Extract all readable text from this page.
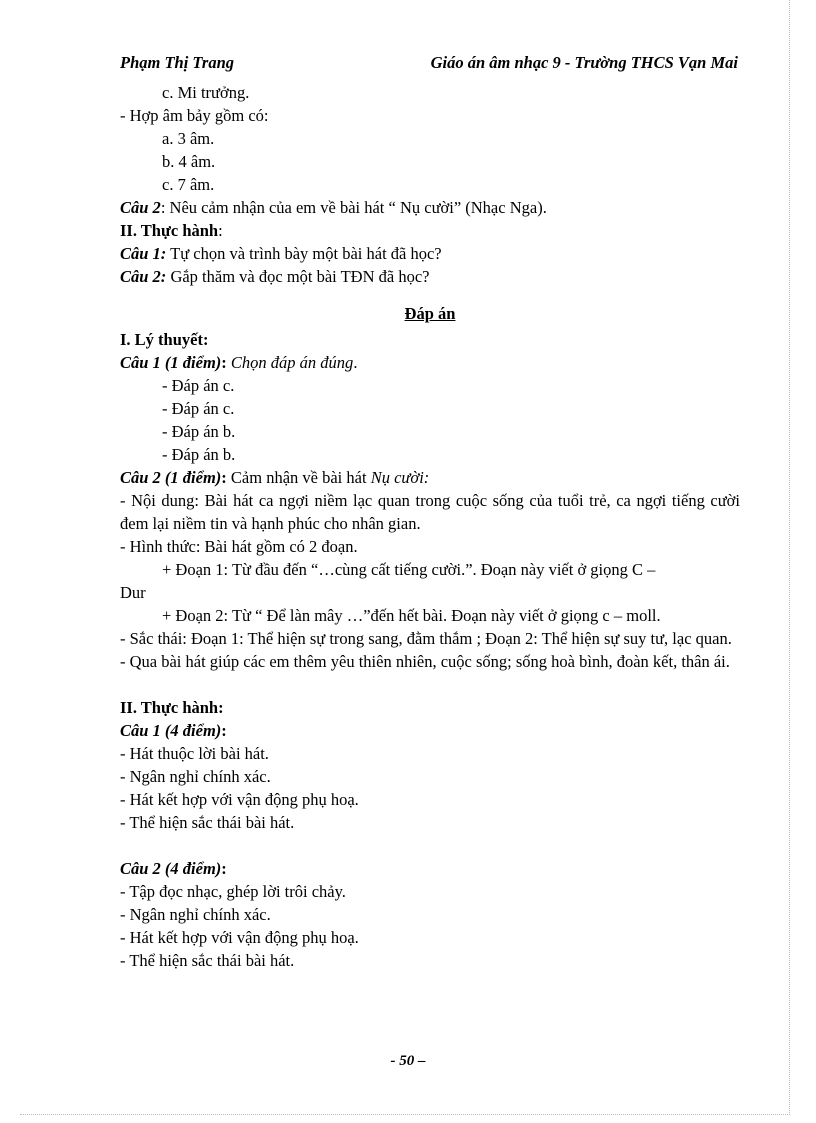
Phạm Thị Trang	Giáo án âm nhạc 9 - Trường THCS Vạn Mai
c. Mi trưởng.
- Hợp âm bảy gồm có:
a. 3 âm.
b. 4 âm.
c. 7 âm.
Câu 2: Nêu cảm nhận của em về bài hát “ Nụ cười” (Nhạc Nga).
II. Thực hành:
Câu 1: Tự chọn và trình bày một bài hát đã học?
Câu 2: Gắp thăm và đọc một bài TĐN đã học?
Đáp án
I. Lý thuyết:
Câu 1 (1 điểm): Chọn đáp án đúng.
- Đáp án c.
- Đáp án c.
- Đáp án b.
- Đáp án b.
Câu 2 (1 điểm): Cảm nhận về bài hát Nụ cười:
- Nội dung: Bài hát ca ngợi niềm lạc quan trong cuộc sống của tuổi trẻ, ca ngợi tiếng cười đem lại niềm tin và hạnh phúc cho nhân gian.
- Hình thức: Bài hát gồm có 2 đoạn.
+ Đoạn 1: Từ đầu đến “…cùng cất tiếng cười.”. Đoạn này viết ở giọng C –
Dur
+ Đoạn 2: Từ “ Để làn mây …”đến hết bài. Đoạn này viết ở giọng c – moll.
- Sắc thái: Đoạn 1: Thể hiện sự trong sang, đằm thắm ; Đoạn 2: Thể hiện sự suy tư, lạc quan.
- Qua bài hát giúp các em thêm yêu thiên nhiên, cuộc sống; sống hoà bình, đoàn kết, thân ái.
II. Thực hành:
Câu 1 (4 điểm):
- Hát thuộc lời bài hát.
- Ngân nghỉ chính xác.
- Hát kết hợp với vận động phụ hoạ.
- Thể hiện sắc thái bài hát.
Câu 2 (4 điểm):
- Tập đọc nhạc, ghép lời trôi chảy.
- Ngân nghỉ chính xác.
- Hát kết hợp với vận động phụ hoạ.
- Thể hiện sắc thái bài hát.
- 50 –
